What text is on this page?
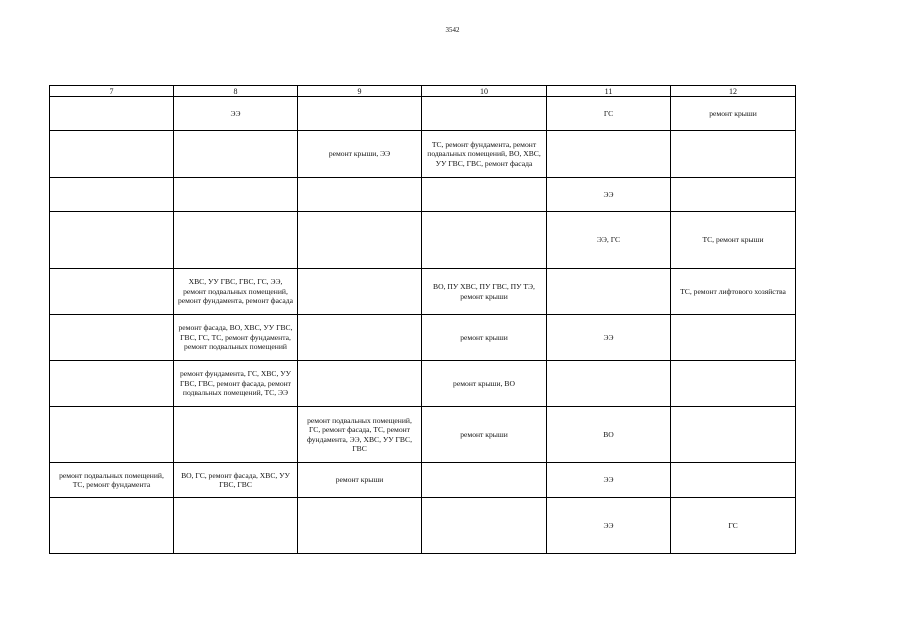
3542
7	8	9	10	11	12
	ЭЭ			ГС	ремонт крыши
		ремонт крыши, ЭЭ	ТС, ремонт фундамента, ремонт подвальных помещений, ВО, ХВС, УУ ГВС, ГВС, ремонт фасада		
				ЭЭ	
				ЭЭ, ГС	ТС, ремонт крыши
	ХВС, УУ ГВС, ГВС, ГС, ЭЭ, ремонт подвальных помещений, ремонт фундамента, ремонт фасада		ВО, ПУ ХВС, ПУ ГВС, ПУ ТЭ, ремонт крыши		ТС, ремонт лифтового хозяйства
	ремонт фасада, ВО, ХВС, УУ ГВС, ГВС, ГС, ТС, ремонт фундамента, ремонт подвальных помещений		ремонт крыши	ЭЭ	
	ремонт фундамента, ГС, ХВС, УУ ГВС, ГВС, ремонт фасада, ремонт подвальных помещений, ТС, ЭЭ		ремонт крыши, ВО		
		ремонт подвальных помещений, ГС, ремонт фасада, ТС, ремонт фундамента, ЭЭ, ХВС, УУ ГВС, ГВС	ремонт крыши	ВО	
ремонт подвальных помещений, ТС, ремонт фундамента	ВО, ГС, ремонт фасада, ХВС, УУ ГВС, ГВС	ремонт крыши		ЭЭ	
				ЭЭ	ГС
